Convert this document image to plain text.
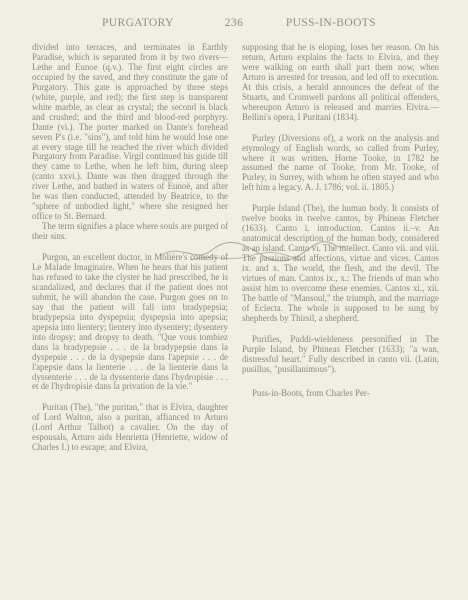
PURGATORY	236	PUSS-IN-BOOTS

divided into terraces, and terminates in Earthly Paradise, which is separated from it by two rivers—Lethe and Eunoe (q.v.). The first eight circles are occupied by the saved, and they constitute the gate of Purgatory. This gate is approached by three steps (white, purple, and red); the first step is transparent white marble, as clear as crystal; the second is black and crushed; and the third and blood-red porphyry. Dante (vi.). The porter marked on Dante's forehead seven P's (i.e. "sins"), and told him he would lose one at every stage till he reached the river which divided Purgatory from Paradise. Virgil continued his guide till they came to Lethe, when he left him, during sleep (canto xxvi.). Dante was then dragged through the river Lethe, and bathed in waters of Eunoë, and after he was then conducted, attended by Beatrice, to the "sphere of unbodied light," where she resigned her office to St. Bernard.

The term signifies a place where souls are purged of their sins.

Purgon, an excellent doctor, in Molière's comedy of Le Malade Imaginaire. When he hears that his patient has refused to take the clyster he had prescribed, he is scandalized, and declares that if the patient does not submit, he will abandon the case. Purgon goes on to say that the patient will fall into bradypepsia; bradypepsia into dyspepsia; dyspepsia into apepsia; apepsia into lientery; lientery into dysentery; dysentery into dropsy; and dropsy to death. "Que vous tombiez dans la bradypepsie . . . de la bradypepsie dans la dyspepsie . . . de la dyspepsie dans l'apepsie . . . de l'apepsie dans la lienterie . . . de la lienterie dans la dyssenterie . . . de la dyssenterie dans l'hydropisie . . . et de l'hydropisie dans la privation de la vie."

Puritan (The), "the puritan," that is Elvira, daughter of Lord Walton, also a puritan, affianced to Arturo (Lord Arthur Talbot) a cavalier. On the day of espousals, Arturo aids Henrietta (Henriette, widow of Charles I.) to escape; and Elvira,

supposing that he is eloping, loses her reason. On his return, Arturo explains the facts to Elvira, and they were walking on earth shall part them now, when Arturo is arrested for treason, and led off to execution. At this crisis, a herald announces the defeat of the Stuarts, and Cromwell pardons all political offenders, whereupon Arturo is released and marries Elvira.—Bellini's opera, I Puritani (1834).

Purley (Diversions of), a work on the analysis and etymology of English words, so called from Purley, where it was written. Horne Tooke, in 1782 he assumed the name of Tooke, from Mr. Tooke, of Purley, in Surrey, with whom he often stayed and who left him a legacy. A. J. 1786; vol. ii. 1805.)

Purple Island (The), the human body. It consists of twelve books in twelve cantos, by Phineas Fletcher (1633). Canto i. introduction. Cantos ii.–v. An anatomical description of the human body, considered as an island. Canto vi. The intellect. Canto vii. and viii. The passions and affections, virtue and vices. Cantos ix. and x. The world, the flesh, and the devil. The virtues of man. Cantos ix., x.: The friends of man who assist him to overcome these enemies. Cantos xi., xii. The battle of "Mansoul," the triumph, and the marriage of Eclecta. The whole is supposed to be sung by shepherds by Thirsil, a shepherd.

Purifies, Puddi-wieldeness personified in The Purple Island, by Phineas Fletcher (1633); "a wan, distressful heart." Fully described in canto vii. (Latin, pusillus, "pusillanimous").

Puss-in-Boots, from Charles Per-
